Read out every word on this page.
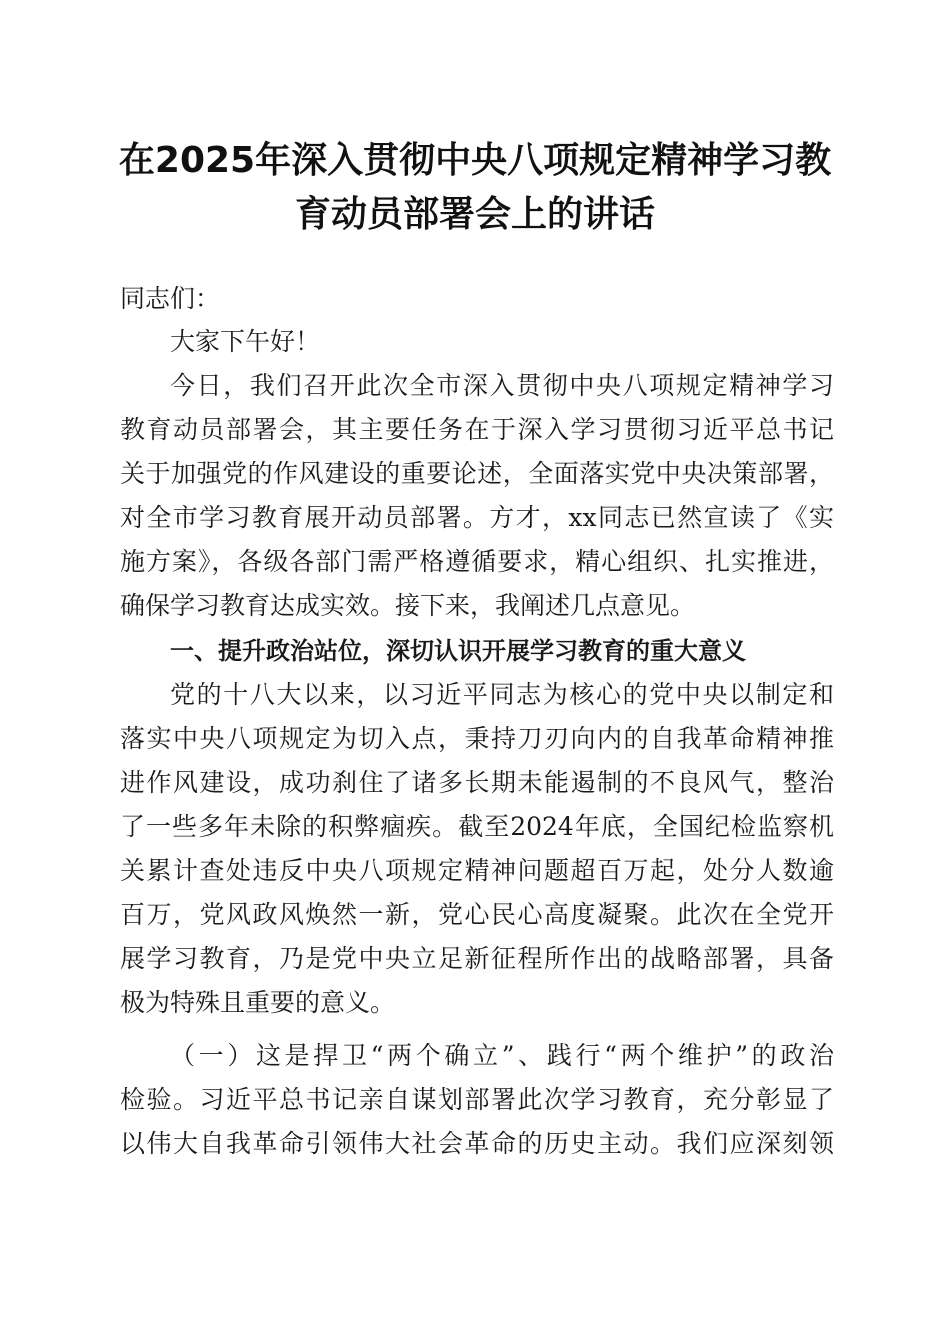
在2025年深入贯彻中央八项规定精神学习教
育动员部署会上的讲话
同志们：
大家下午好！
今日，我们召开此次全市深入贯彻中央八项规定精神学习
教育动员部署会，其主要任务在于深入学习贯彻习近平总书记
关于加强党的作风建设的重要论述，全面落实党中央决策部署，
对全市学习教育展开动员部署。方才，xx同志已然宣读了《实
施方案》，各级各部门需严格遵循要求，精心组织、扎实推进，
确保学习教育达成实效。接下来，我阐述几点意见。
一、提升政治站位，深切认识开展学习教育的重大意义
党的十八大以来，以习近平同志为核心的党中央以制定和
落实中央八项规定为切入点，秉持刀刃向内的自我革命精神推
进作风建设，成功刹住了诸多长期未能遏制的不良风气，整治
了一些多年未除的积弊痼疾。截至2024年底，全国纪检监察机
关累计查处违反中央八项规定精神问题超百万起，处分人数逾
百万，党风政风焕然一新，党心民心高度凝聚。此次在全党开
展学习教育，乃是党中央立足新征程所作出的战略部署，具备
极为特殊且重要的意义。
（一）这是捍卫“两个确立”、践行“两个维护”的政治
检验。习近平总书记亲自谋划部署此次学习教育，充分彰显了
以伟大自我革命引领伟大社会革命的历史主动。我们应深刻领
